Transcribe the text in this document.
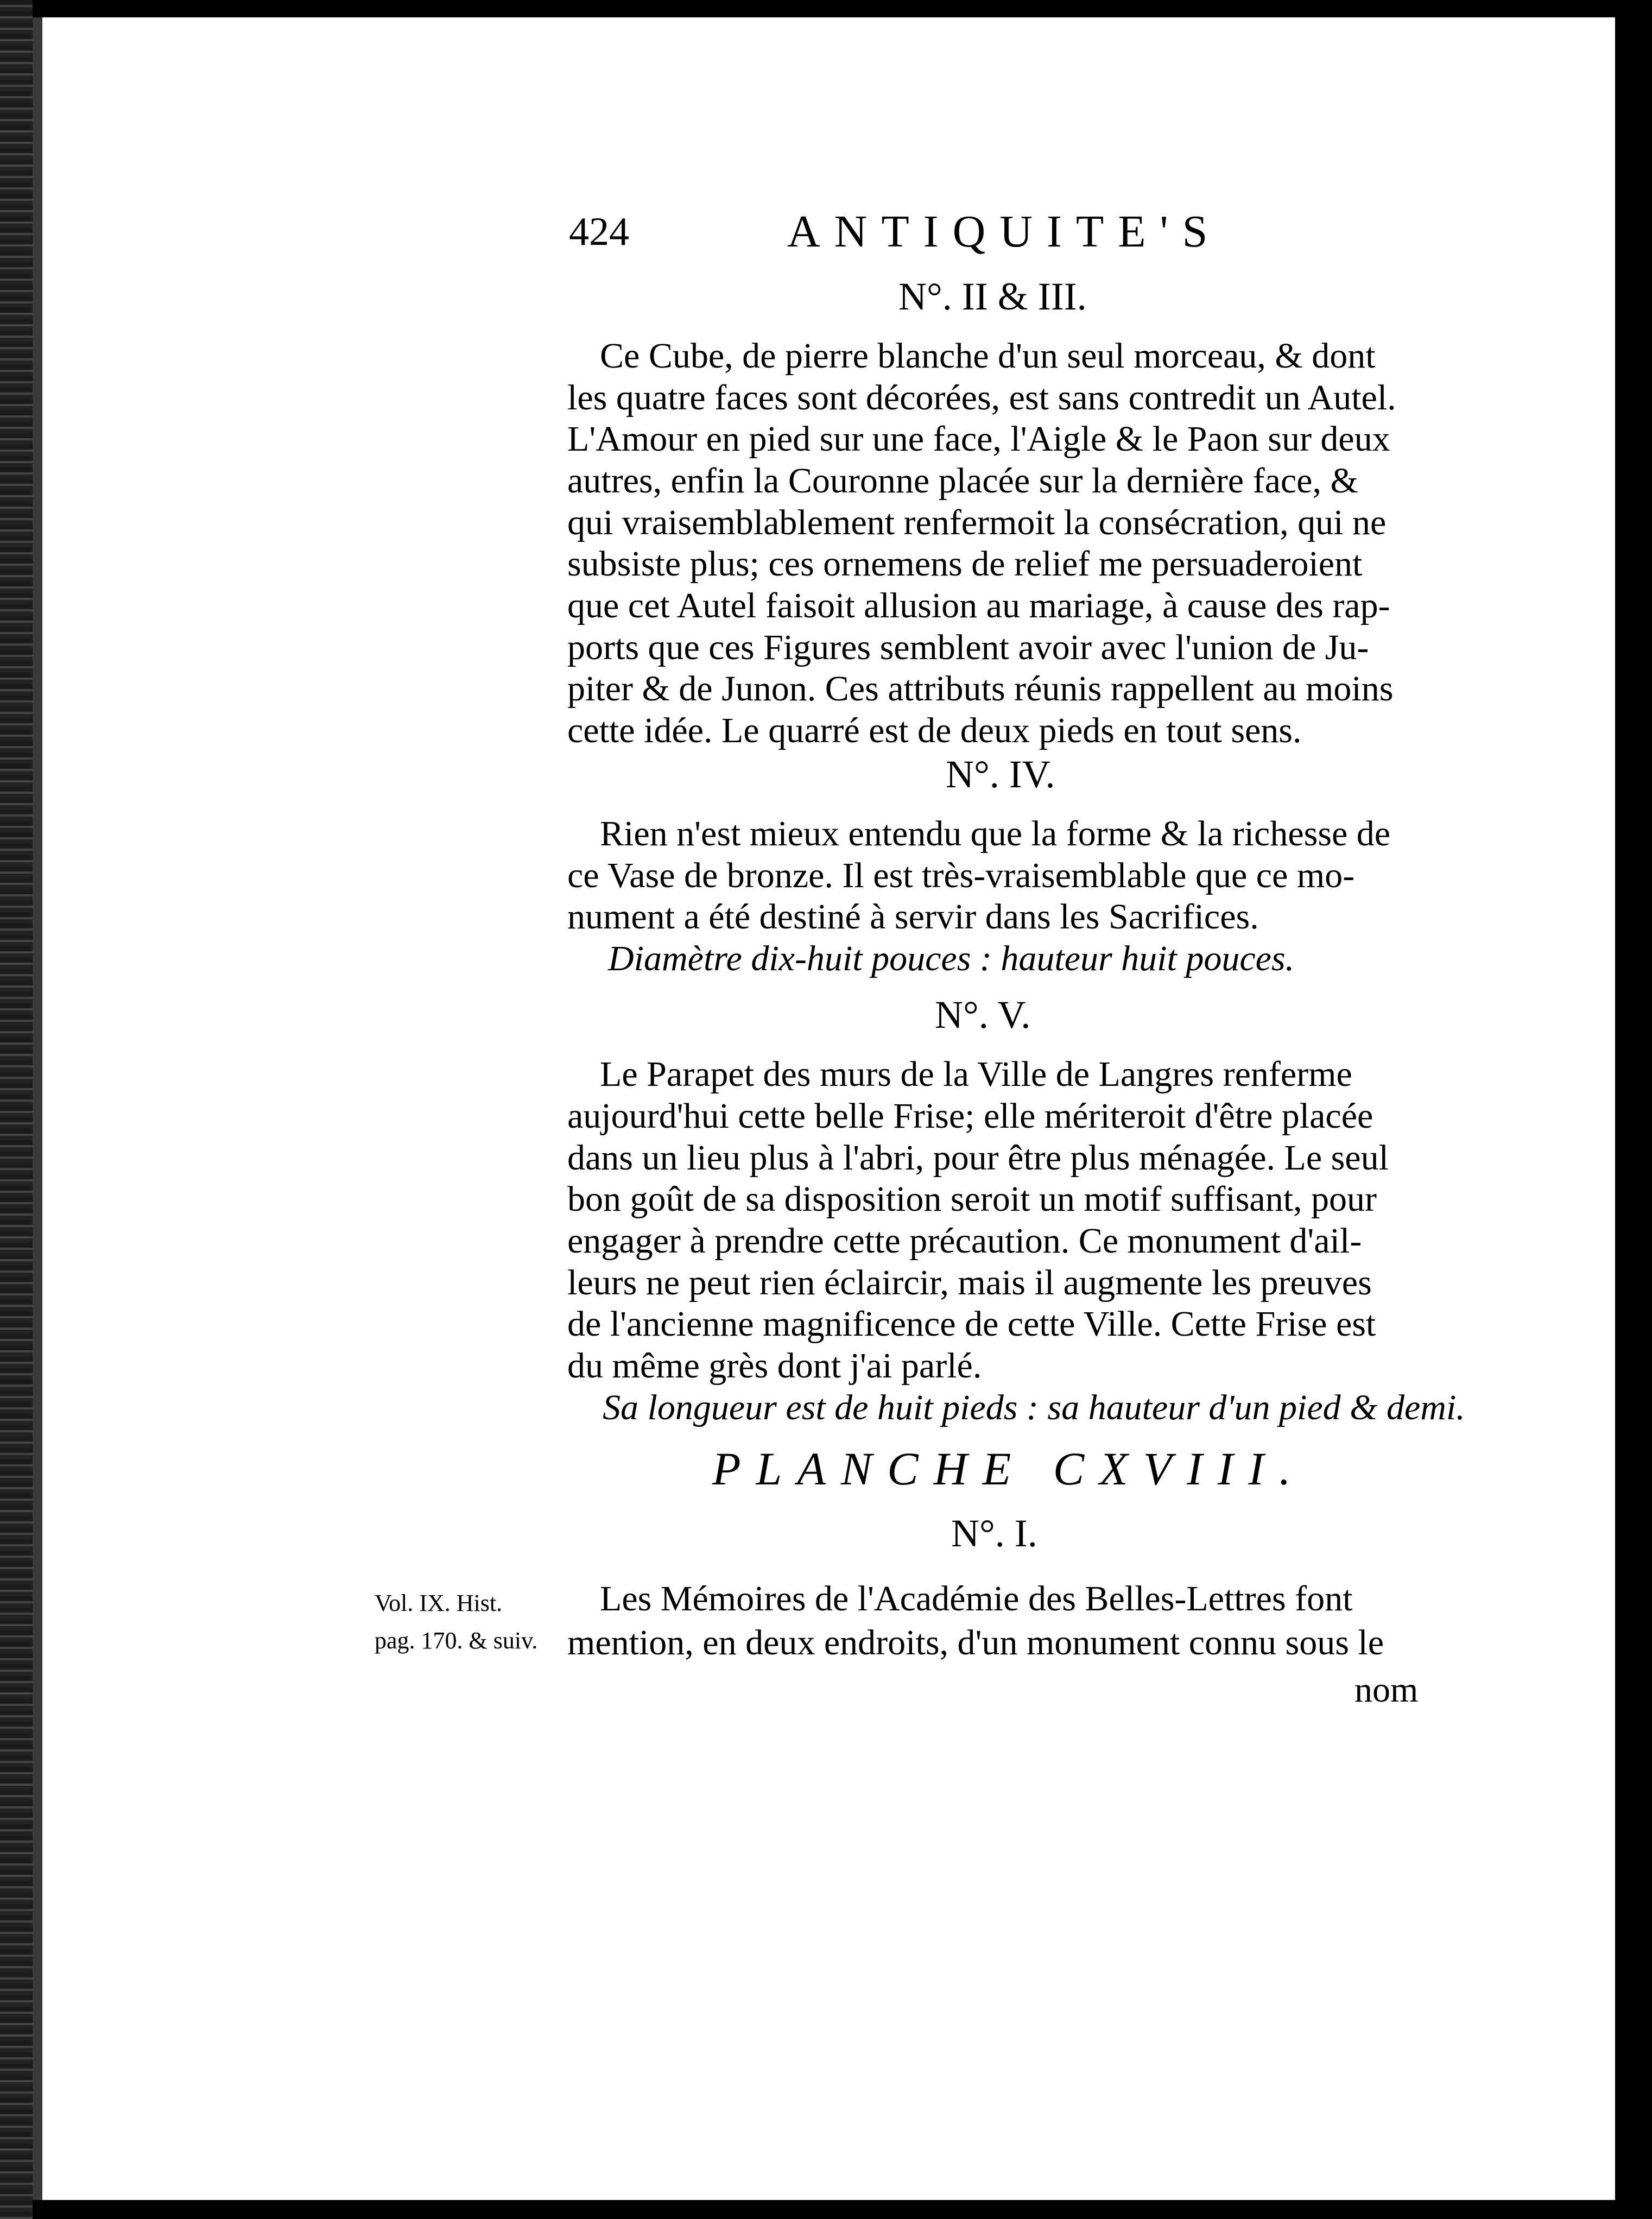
424	ANTIQUITE'S
N°. II & III.
Ce Cube, de pierre blanche d'un seul morceau, & dont
les quatre faces sont décorées, est sans contredit un Autel.
L'Amour en pied sur une face, l'Aigle & le Paon sur deux
autres, enfin la Couronne placée sur la dernière face, &
qui vraisemblablement renfermoit la consécration, qui ne
subsiste plus; ces ornemens de relief me persuaderoient
que cet Autel faisoit allusion au mariage, à cause des rap-
ports que ces Figures semblent avoir avec l'union de Ju-
piter & de Junon. Ces attributs réunis rappellent au moins
cette idée. Le quarré est de deux pieds en tout sens.
N°. IV.
Rien n'est mieux entendu que la forme & la richesse de
ce Vase de bronze. Il est très-vraisemblable que ce mo-
nument a été destiné à servir dans les Sacrifices.
Diamètre dix-huit pouces : hauteur huit pouces.
N°. V.
Le Parapet des murs de la Ville de Langres renferme
aujourd'hui cette belle Frise; elle mériteroit d'être placée
dans un lieu plus à l'abri, pour être plus ménagée. Le seul
bon goût de sa disposition seroit un motif suffisant, pour
engager à prendre cette précaution. Ce monument d'ail-
leurs ne peut rien éclaircir, mais il augmente les preuves
de l'ancienne magnificence de cette Ville. Cette Frise est
du même grès dont j'ai parlé.
Sa longueur est de huit pieds : sa hauteur d'un pied & demi.
PLANCHE CXVIII.
N°. I.
Vol. IX. Hist.
pag. 170. & suiv.
Les Mémoires de l'Académie des Belles-Lettres font
mention, en deux endroits, d'un monument connu sous le
nom
